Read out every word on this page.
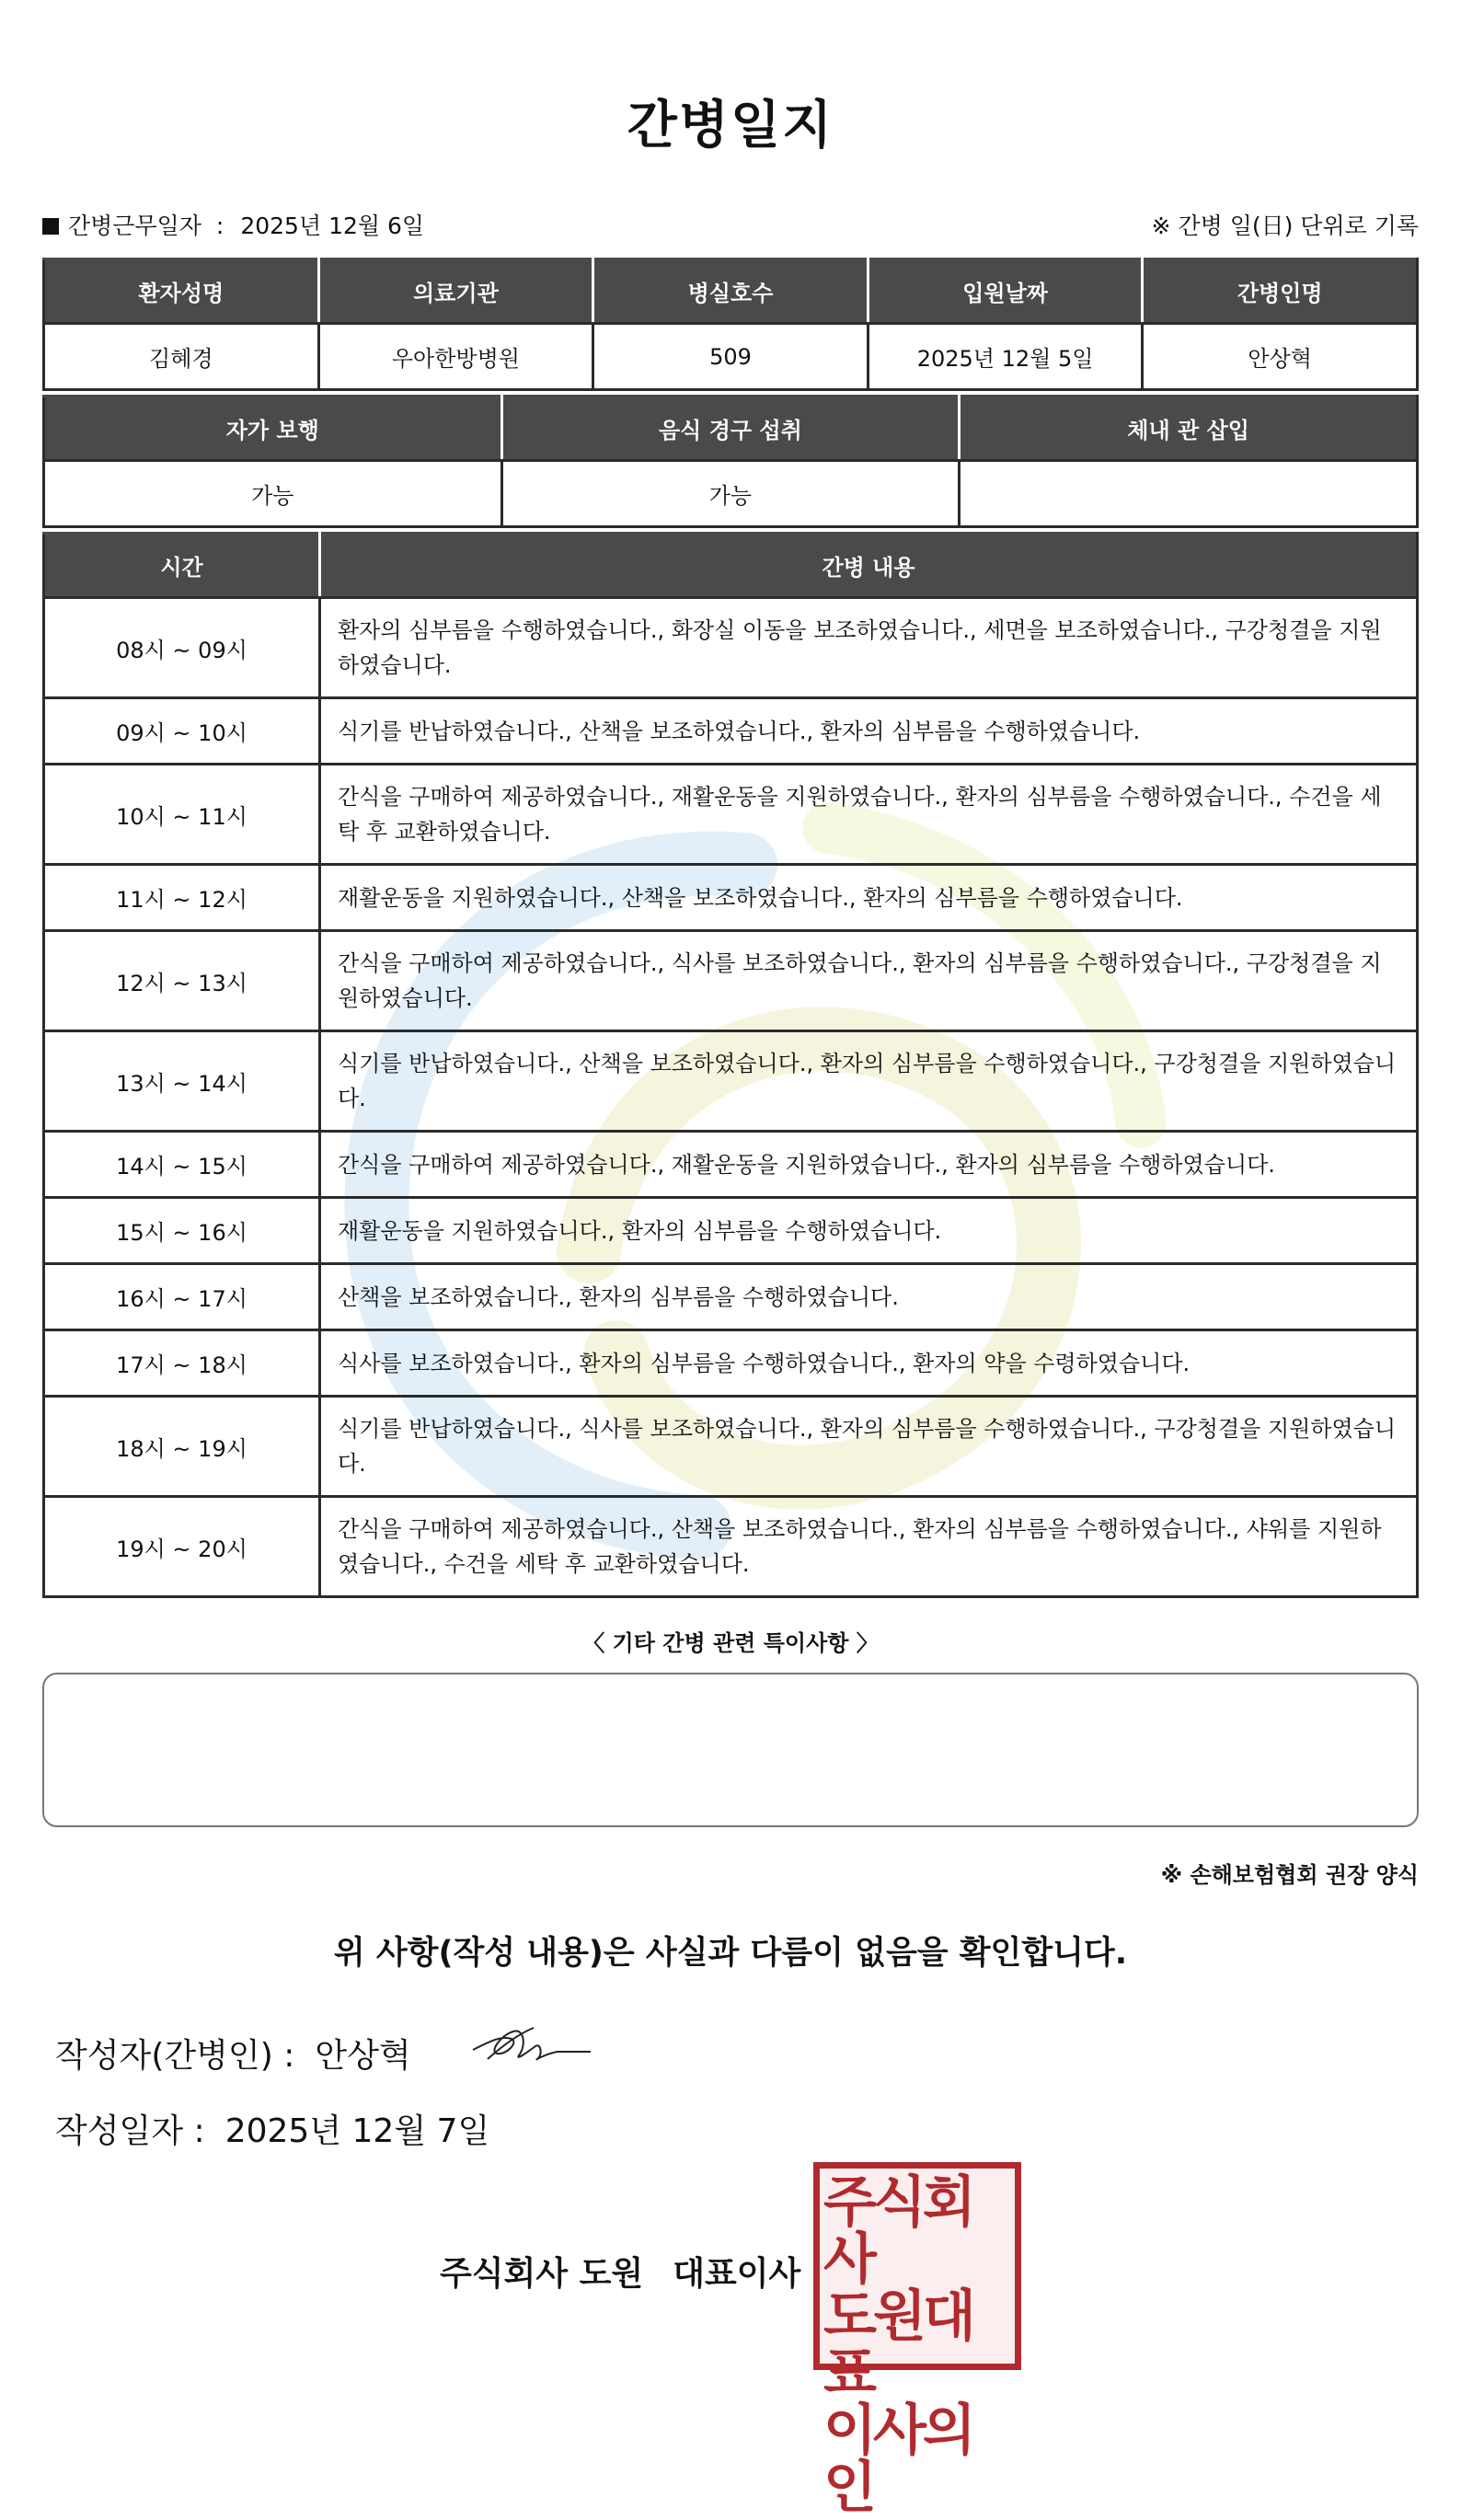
간병일지
간병근무일자 : 2025년 12월 6일	※ 간병 일(日) 단위로 기록
환자성명	의료기관	병실호수	입원날짜	간병인명
김혜경	우아한방병원	509	2025년 12월 5일	안상혁
자가 보행	음식 경구 섭취	체내 관 삽입
가능	가능	
시간	간병 내용
08시 ~ 09시	환자의 심부름을 수행하였습니다., 화장실 이동을 보조하였습니다., 세면을 보조하였습니다., 구강청결을 지원하였습니다.
09시 ~ 10시	식기를 반납하였습니다., 산책을 보조하였습니다., 환자의 심부름을 수행하였습니다.
10시 ~ 11시	간식을 구매하여 제공하였습니다., 재활운동을 지원하였습니다., 환자의 심부름을 수행하였습니다., 수건을 세탁 후 교환하였습니다.
11시 ~ 12시	재활운동을 지원하였습니다., 산책을 보조하였습니다., 환자의 심부름을 수행하였습니다.
12시 ~ 13시	간식을 구매하여 제공하였습니다., 식사를 보조하였습니다., 환자의 심부름을 수행하였습니다., 구강청결을 지원하였습니다.
13시 ~ 14시	식기를 반납하였습니다., 산책을 보조하였습니다., 환자의 심부름을 수행하였습니다., 구강청결을 지원하였습니다.
14시 ~ 15시	간식을 구매하여 제공하였습니다., 재활운동을 지원하였습니다., 환자의 심부름을 수행하였습니다.
15시 ~ 16시	재활운동을 지원하였습니다., 환자의 심부름을 수행하였습니다.
16시 ~ 17시	산책을 보조하였습니다., 환자의 심부름을 수행하였습니다.
17시 ~ 18시	식사를 보조하였습니다., 환자의 심부름을 수행하였습니다., 환자의 약을 수령하였습니다.
18시 ~ 19시	식기를 반납하였습니다., 식사를 보조하였습니다., 환자의 심부름을 수행하였습니다., 구강청결을 지원하였습니다.
19시 ~ 20시	간식을 구매하여 제공하였습니다., 산책을 보조하였습니다., 환자의 심부름을 수행하였습니다., 샤워를 지원하였습니다., 수건을 세탁 후 교환하였습니다.
〈 기타 간병 관련 특이사항 〉
※ 손해보험협회 권장 양식
위 사항(작성 내용)은 사실과 다름이 없음을 확인합니다.
작성자(간병인) : 안상혁
작성일자 : 2025년 12월 7일
주식회사 도원 대표이사
주식회사
도원대표
이사의인
